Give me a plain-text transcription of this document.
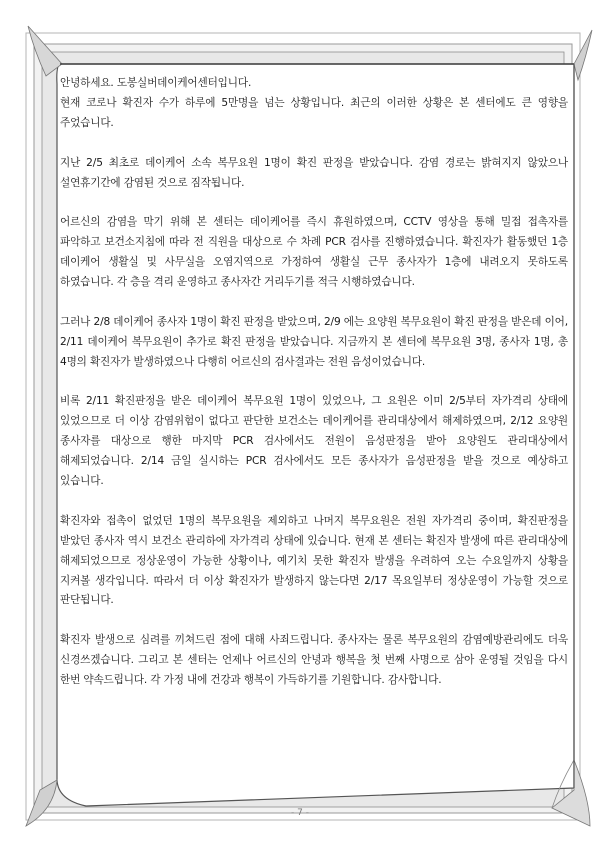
안녕하세요. 도봉실버데이케어센터입니다.

현재 코로나 확진자 수가 하루에 5만명을 넘는 상황입니다. 최근의 이러한 상황은 본 센터에도 큰 영향을 주었습니다.

지난 2/5 최초로 데이케어 소속 복무요원 1명이 확진 판정을 받았습니다. 감염 경로는 밝혀지지 않았으나 설연휴기간에 감염된 것으로 짐작됩니다.

어르신의 감염을 막기 위해 본 센터는 데이케어를 즉시 휴원하였으며, CCTV 영상을 통해 밀접 접촉자를 파악하고 보건소지침에 따라 전 직원을 대상으로 수 차례 PCR 검사를 진행하였습니다. 확진자가 활동했던 1층 데이케어 생활실 및 사무실을 오염지역으로 가정하여 생활실 근무 종사자가 1층에 내려오지 못하도록 하였습니다. 각 층을 격리 운영하고 종사자간 거리두기를 적극 시행하였습니다.

그러나 2/8 데이케어 종사자 1명이 확진 판정을 받았으며, 2/9 에는 요양원 복무요원이 확진 판정을 받은데 이어, 2/11 데이케어 복무요원이 추가로 확진 판정을 받았습니다. 지금까지 본 센터에 복무요원 3명, 종사자 1명, 총 4명의 확진자가 발생하였으나 다행히 어르신의 검사결과는 전원 음성이었습니다.

비록 2/11 확진판정을 받은 데이케어 복무요원 1명이 있었으나, 그 요원은 이미 2/5부터 자가격리 상태에 있었으므로 더 이상 감염위험이 없다고 판단한 보건소는 데이케어를 관리대상에서 해제하였으며, 2/12 요양원 종사자를 대상으로 행한 마지막 PCR 검사에서도 전원이 음성판정을 받아 요양원도 관리대상에서 해제되었습니다. 2/14 금일 실시하는 PCR 검사에서도 모든 종사자가 음성판정을 받을 것으로 예상하고 있습니다.

확진자와 접촉이 없었던 1명의 복무요원을 제외하고 나머지 복무요원은 전원 자가격리 중이며, 확진판정을 받았던 종사자 역시 보건소 관리하에 자가격리 상태에 있습니다. 현재 본 센터는 확진자 발생에 따른 관리대상에 해제되었으므로 정상운영이 가능한 상황이나, 예기치 못한 확진자 발생을 우려하여 오는 수요일까지 상황을 지켜볼 생각입니다. 따라서 더 이상 확진자가 발생하지 않는다면 2/17 목요일부터 정상운영이 가능할 것으로 판단됩니다.

확진자 발생으로 심려를 끼쳐드린 점에 대해 사죄드립니다. 종사자는 물론 복무요원의 감염예방관리에도 더욱 신경쓰겠습니다. 그리고 본 센터는 언제나 어르신의 안녕과 행복을 첫 번째 사명으로 삼아 운영될 것임을 다시 한번 약속드립니다. 각 가정 내에 건강과 행복이 가득하기를 기원합니다. 감사합니다.

- 7 -
